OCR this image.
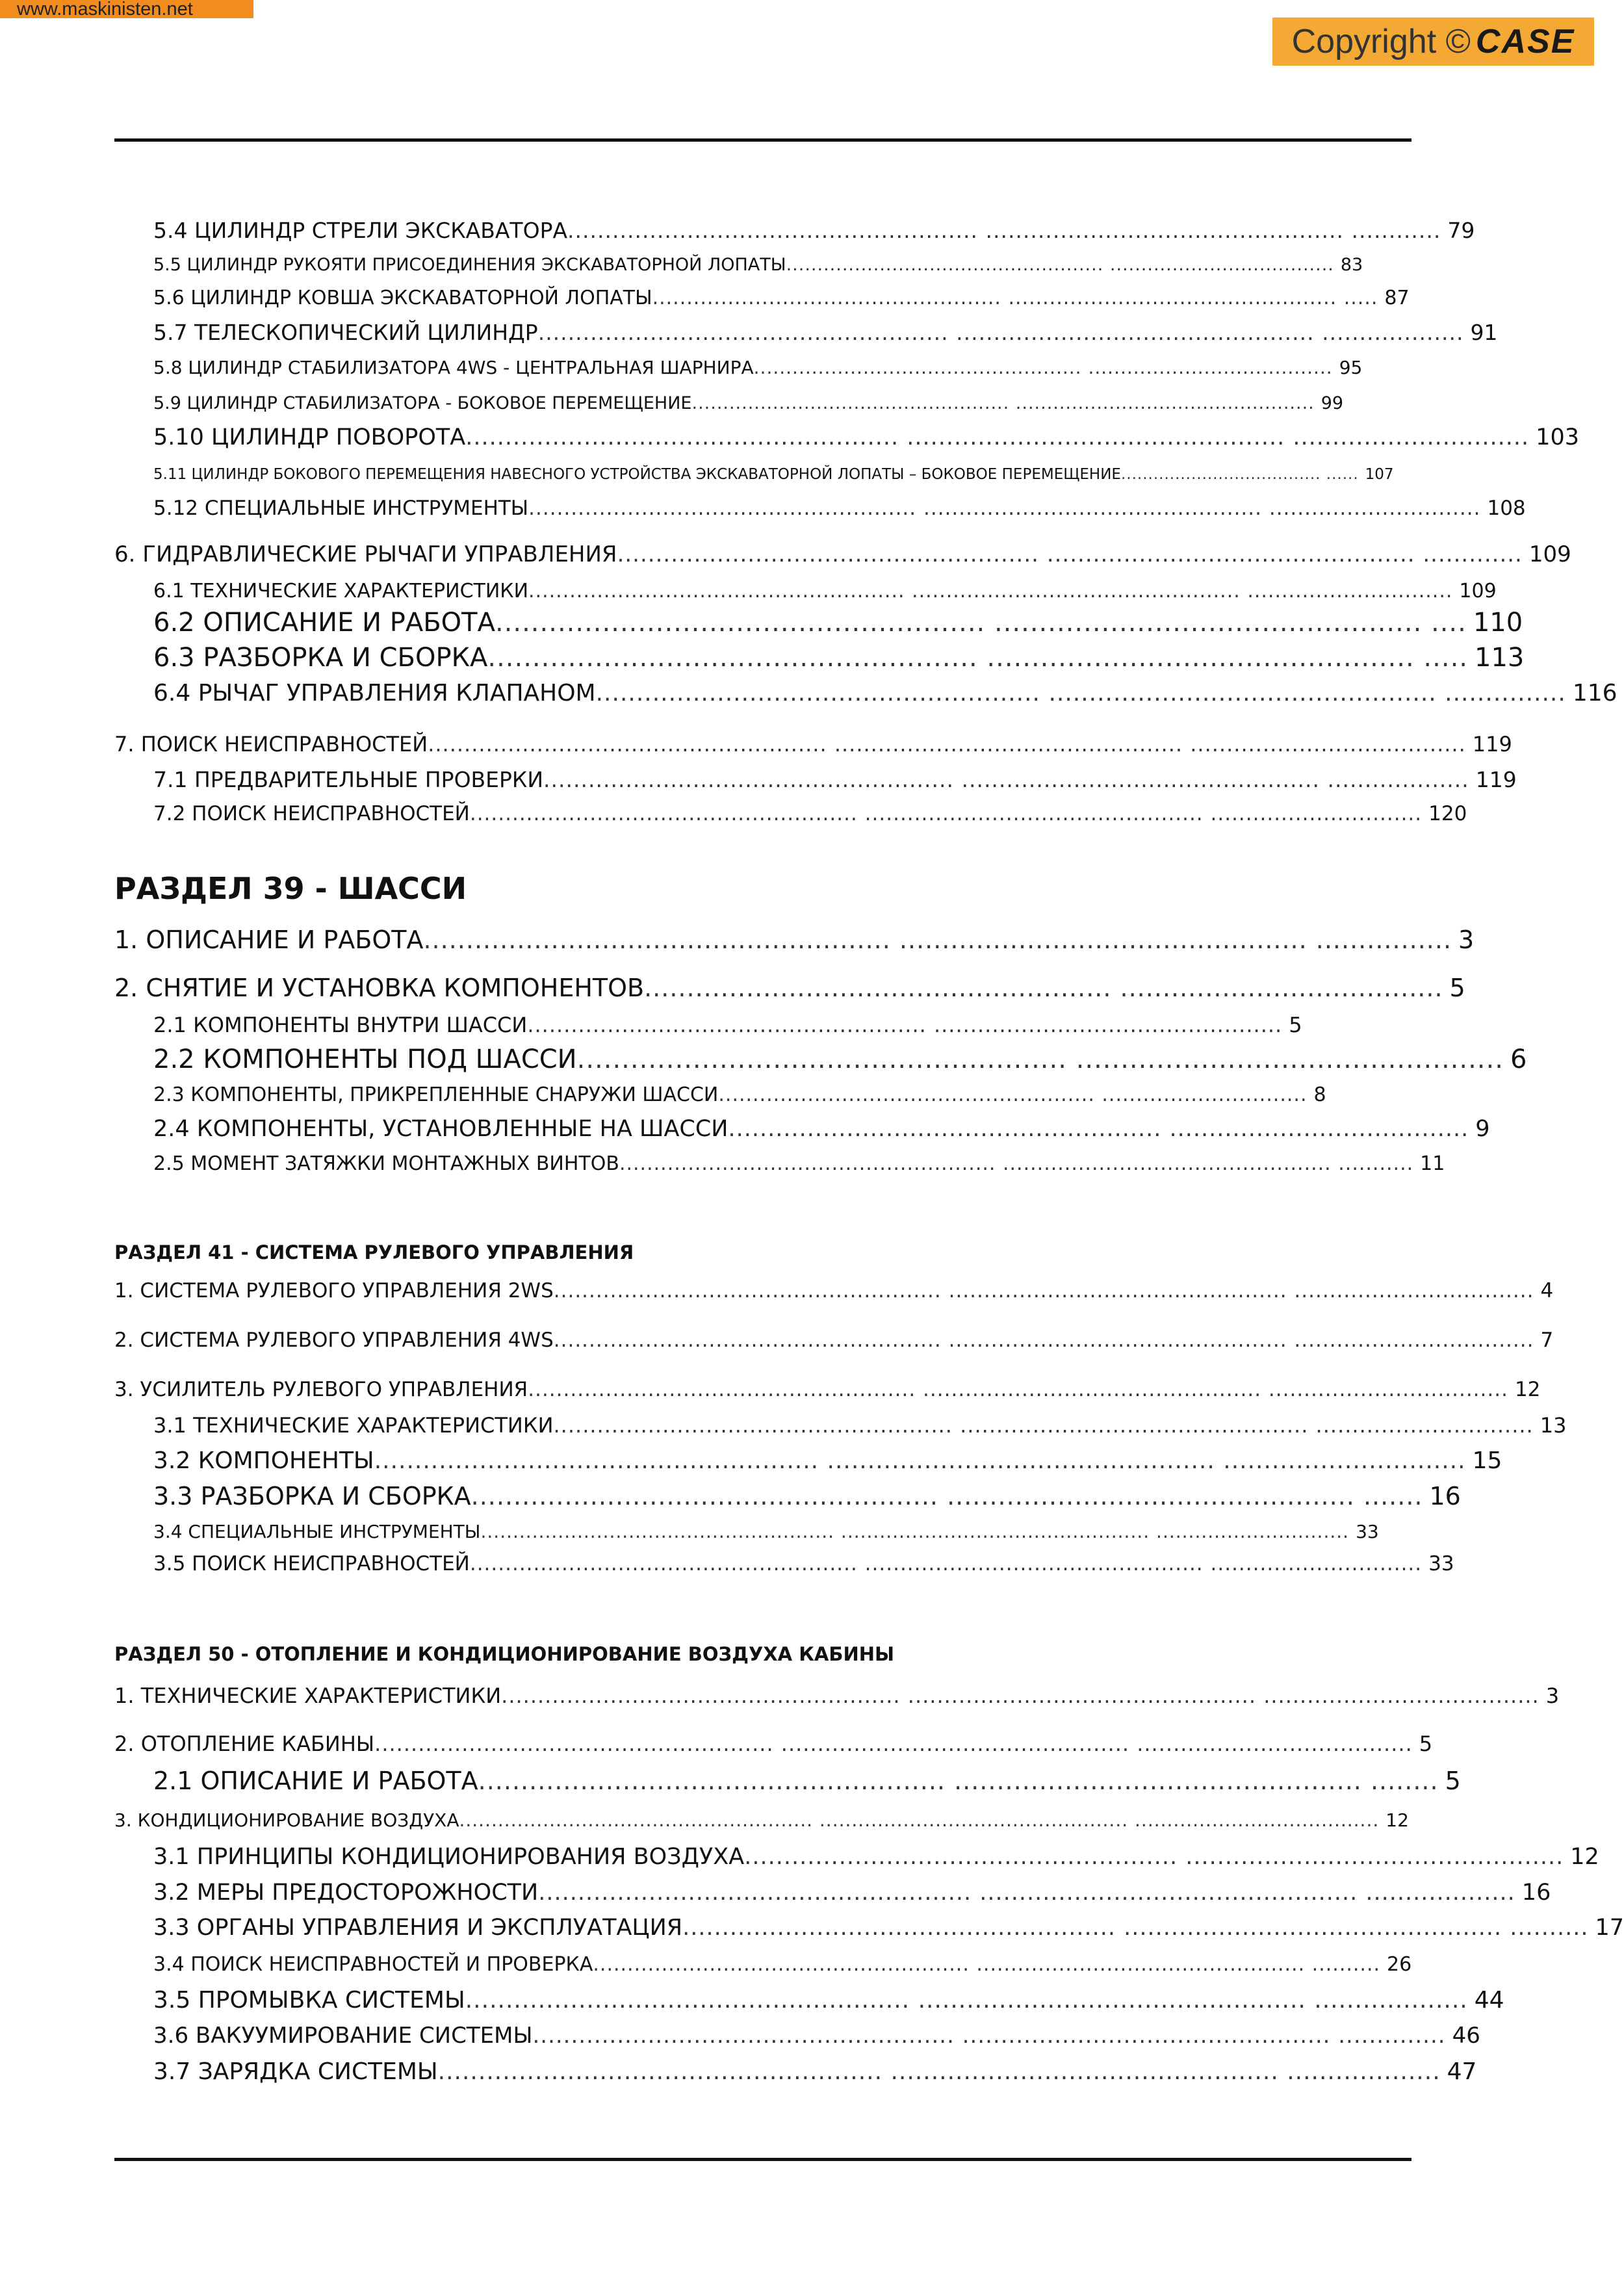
www.maskinisten.net
Copyright © CASE
РАЗДЕЛ 39 - ШАССИ
РАЗДЕЛ 41 - СИСТЕМА РУЛЕВОГО УПРАВЛЕНИЯ
РАЗДЕЛ 50 - ОТОПЛЕНИЕ И КОНДИЦИОНИРОВАНИЕ ВОЗДУХА КАБИНЫ
5.4 ЦИЛИНДР СТРЕЛИ ЭКСКАВАТОРА ....................................................... ................................................ ............ 79
5.5 ЦИЛИНДР РУКОЯТИ ПРИСОЕДИНЕНИЯ ЭКСКАВАТОРНОЙ ЛОПАТЫ ................................................... .................................... 83
5.6 ЦИЛИНДР КОВША ЭКСКАВАТОРНОЙ ЛОПАТЫ ................................................... ................................................ ..... 87
5.7 ТЕЛЕСКОПИЧЕСКИЙ ЦИЛИНДР ....................................................... ................................................ ................... 91
5.8 ЦИЛИНДР СТАБИЛИЗАТОРА 4WS - ЦЕНТРАЛЬНАЯ ШАРНИРА ................................................... ...................................... 95
5.9 ЦИЛИНДР СТАБИЛИЗАТОРА - БОКОВОЕ ПЕРЕМЕЩЕНИЕ ................................................... ................................................ 99
5.10 ЦИЛИНДР ПОВОРОТА ....................................................... ................................................ .............................. 103
5.11 ЦИЛИНДР БОКОВОГО ПЕРЕМЕЩЕНИЯ НАВЕСНОГО УСТРОЙСТВА ЭКСКАВАТОРНОЙ ЛОПАТЫ – БОКОВОЕ ПЕРЕМЕЩЕНИЕ ..................................... ...... 107
5.12 СПЕЦИАЛЬНЫЕ ИНСТРУМЕНТЫ ....................................................... ................................................ .............................. 108
6. ГИДРАВЛИЧЕСКИЕ РЫЧАГИ УПРАВЛЕНИЯ ....................................................... ................................................ ............. 109
6.1 ТЕХНИЧЕСКИЕ ХАРАКТЕРИСТИКИ ....................................................... ................................................ .............................. 109
6.2 ОПИСАНИЕ И РАБОТА ....................................................... ................................................ .... 110
6.3 РАЗБОРКА И СБОРКА ....................................................... ................................................ ..... 113
6.4 РЫЧАГ УПРАВЛЕНИЯ КЛАПАНОМ ....................................................... ................................................ ............... 116
7. ПОИСК НЕИСПРАВНОСТЕЙ ....................................................... ................................................ ...................................... 119
7.1 ПРЕДВАРИТЕЛЬНЫЕ ПРОВЕРКИ ....................................................... ................................................ ................... 119
7.2 ПОИСК НЕИСПРАВНОСТЕЙ ....................................................... ................................................ .............................. 120
1. ОПИСАНИЕ И РАБОТА ....................................................... ................................................ ................ 3
2. СНЯТИЕ И УСТАНОВКА КОМПОНЕНТОВ ....................................................... ...................................... 5
2.1 КОМПОНЕНТЫ ВНУТРИ ШАССИ ....................................................... ................................................ 5
2.2 КОМПОНЕНТЫ ПОД ШАССИ ....................................................... ................................................ 6
2.3 КОМПОНЕНТЫ, ПРИКРЕПЛЕННЫЕ СНАРУЖИ ШАССИ ....................................................... .............................. 8
2.4 КОМПОНЕНТЫ, УСТАНОВЛЕННЫЕ НА ШАССИ ....................................................... ...................................... 9
2.5 МОМЕНТ ЗАТЯЖКИ МОНТАЖНЫХ ВИНТОВ ....................................................... ................................................ ........... 11
1. СИСТЕМА РУЛЕВОГО УПРАВЛЕНИЯ 2WS ....................................................... ................................................ .................................. 4
2. СИСТЕМА РУЛЕВОГО УПРАВЛЕНИЯ 4WS ....................................................... ................................................ .................................. 7
3. УСИЛИТЕЛЬ РУЛЕВОГО УПРАВЛЕНИЯ ....................................................... ................................................ .................................. 12
3.1 ТЕХНИЧЕСКИЕ ХАРАКТЕРИСТИКИ ....................................................... ................................................ .............................. 13
3.2 КОМПОНЕНТЫ ....................................................... ................................................ .............................. 15
3.3 РАЗБОРКА И СБОРКА ....................................................... ................................................ ....... 16
3.4 СПЕЦИАЛЬНЫЕ ИНСТРУМЕНТЫ ....................................................... ................................................ .............................. 33
3.5 ПОИСК НЕИСПРАВНОСТЕЙ ....................................................... ................................................ .............................. 33
1. ТЕХНИЧЕСКИЕ ХАРАКТЕРИСТИКИ ....................................................... ................................................ ...................................... 3
2. ОТОПЛЕНИЕ КАБИНЫ ....................................................... ................................................ ...................................... 5
2.1 ОПИСАНИЕ И РАБОТА ....................................................... ................................................ ........ 5
3. КОНДИЦИОНИРОВАНИЕ ВОЗДУХА ....................................................... ................................................ ...................................... 12
3.1 ПРИНЦИПЫ КОНДИЦИОНИРОВАНИЯ ВОЗДУХА ....................................................... ................................................ 12
3.2 МЕРЫ ПРЕДОСТОРОЖНОСТИ ....................................................... ................................................ ................... 16
3.3 ОРГАНЫ УПРАВЛЕНИЯ И ЭКСПЛУАТАЦИЯ ....................................................... ................................................ .......... 17
3.4 ПОИСК НЕИСПРАВНОСТЕЙ И ПРОВЕРКА ....................................................... ................................................ .......... 26
3.5 ПРОМЫВКА СИСТЕМЫ ....................................................... ................................................ ................... 44
3.6 ВАКУУМИРОВАНИЕ СИСТЕМЫ ....................................................... ................................................ .............. 46
3.7 ЗАРЯДКА СИСТЕМЫ ....................................................... ................................................ ................... 47
